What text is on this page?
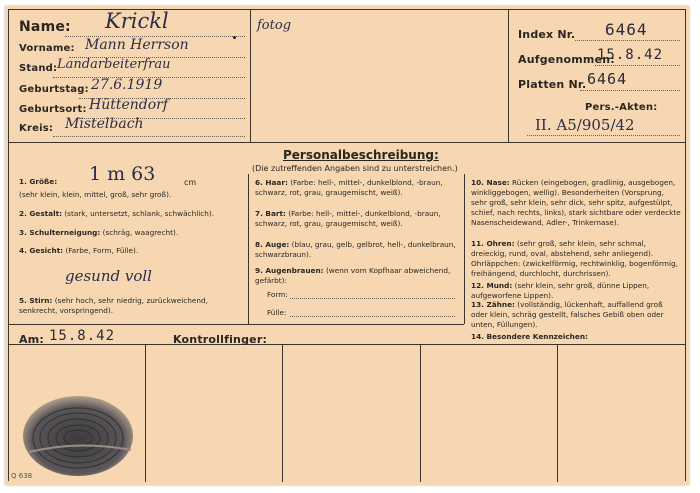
Name: Krickl
Vorname: Mann Herrson
Stand: Landarbeiterfrau
Geburtstag: 27.6.1919
Geburtsort: Hüttendorf
Kreis: Mistelbach
fotog
Index Nr. 6464
Aufgenommen:
15.8.42
Platten Nr. 6464
Pers.-Akten:
II. A5/905/42
Personalbeschreibung:
(Die zutreffenden Angaben sind zu unterstreichen.)
1. Größe: 1 m 63	cm
(sehr klein, klein, mittel, groß, sehr groß).
2. Gestalt: (stark, untersetzt, schlank, schwächlich).
3. Schulterneigung: (schräg, waagrecht).
4. Gesicht: (Farbe, Form, Fülle).
gesund voll
5. Stirn: (sehr hoch, sehr niedrig, zurückweichend, senkrecht, vorspringend).
6. Haar: (Farbe: hell-, mittel-, dunkelblond, -braun, schwarz, rot, grau, graugemischt, weiß).
7. Bart: (Farbe: hell-, mittel-, dunkelblond, -braun, schwarz, rot, grau, graugemischt, weiß).
8. Auge: (blau, grau, gelb, gelbrot, hell-, dunkelbraun, schwarzbraun).
9. Augenbrauen: (wenn vom Kopfhaar abweichend, gefärbt):
Form:
Fülle:
10. Nase: Rücken (eingebogen, gradlinig, ausgebogen, winkliggebogen, wellig). Besonderheiten (Vorsprung, sehr groß, sehr klein, sehr dick, sehr spitz, aufgestülpt, schief, nach rechts, links), stark sichtbare oder verdeckte Nasenscheidewand, Adler-, Trinkernase).
11. Ohren: (sehr groß, sehr klein, sehr schmal, dreieckig, rund, oval, abstehend, sehr anliegend). Ohrläppchen: (zwickelförmig, rechtwinklig, bogenförmig, freihängend, durchlocht, durchrissen).
12. Mund: (sehr klein, sehr groß, dünne Lippen, aufgeworfene Lippen).
13. Zähne: (vollständig, lückenhaft, auffallend groß oder klein, schräg gestellt, falsches Gebiß oben oder unten, Füllungen).
14. Besondere Kennzeichen:
Am: 15.8.42	Kontrollfinger:
Q 638
